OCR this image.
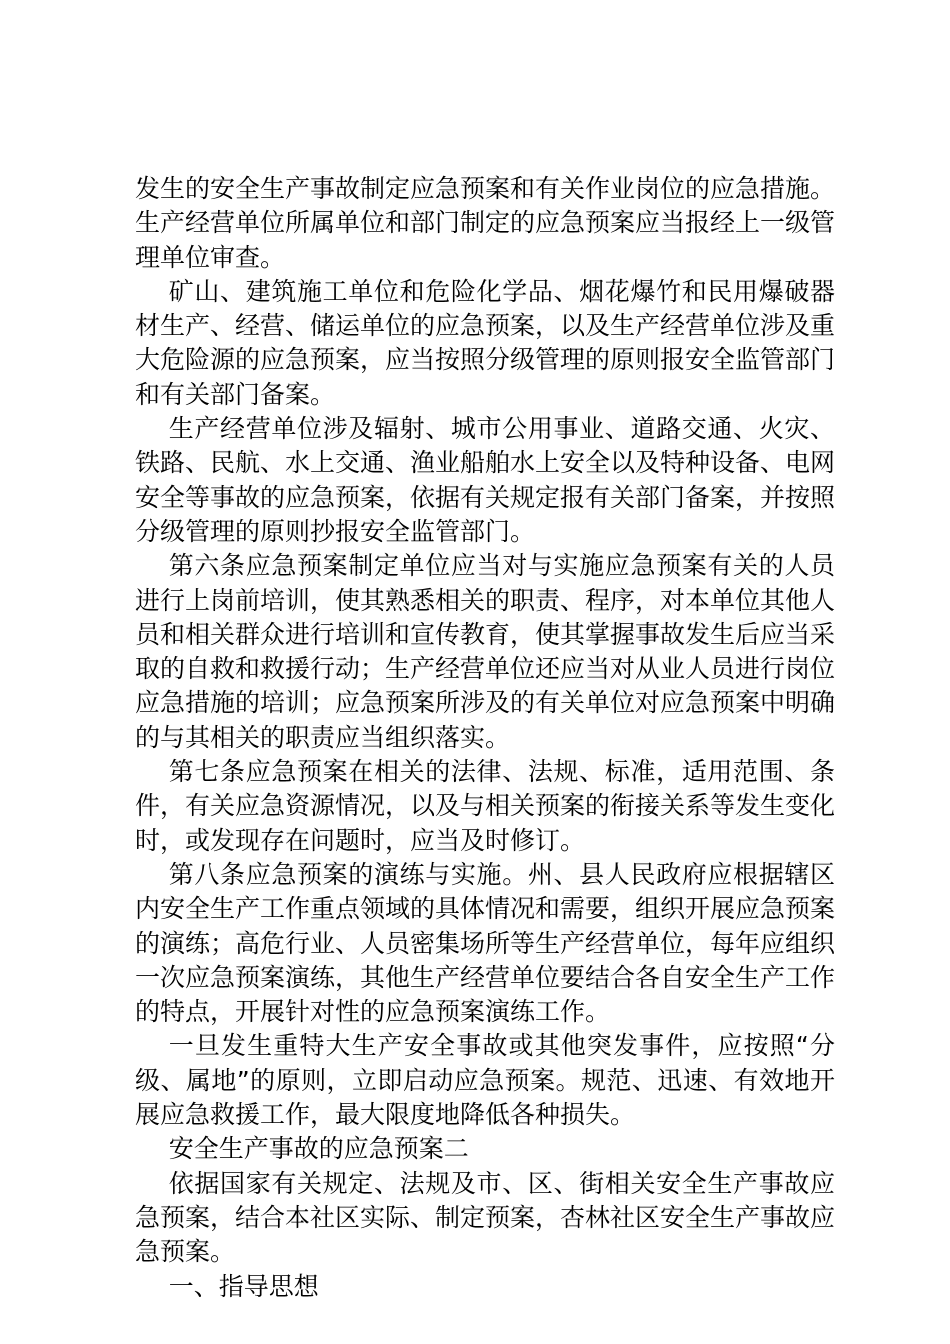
发生的安全生产事故制定应急预案和有关作业岗位的应急措施。生产经营单位所属单位和部门制定的应急预案应当报经上一级管理单位审查。

矿山、建筑施工单位和危险化学品、烟花爆竹和民用爆破器材生产、经营、储运单位的应急预案，以及生产经营单位涉及重大危险源的应急预案，应当按照分级管理的原则报安全监管部门和有关部门备案。

生产经营单位涉及辐射、城市公用事业、道路交通、火灾、铁路、民航、水上交通、渔业船舶水上安全以及特种设备、电网安全等事故的应急预案，依据有关规定报有关部门备案，并按照分级管理的原则抄报安全监管部门。

第六条应急预案制定单位应当对与实施应急预案有关的人员进行上岗前培训，使其熟悉相关的职责、程序，对本单位其他人员和相关群众进行培训和宣传教育，使其掌握事故发生后应当采取的自救和救援行动；生产经营单位还应当对从业人员进行岗位应急措施的培训；应急预案所涉及的有关单位对应急预案中明确的与其相关的职责应当组织落实。

第七条应急预案在相关的法律、法规、标准，适用范围、条件，有关应急资源情况，以及与相关预案的衔接关系等发生变化时，或发现存在问题时，应当及时修订。

第八条应急预案的演练与实施。州、县人民政府应根据辖区内安全生产工作重点领域的具体情况和需要，组织开展应急预案的演练；高危行业、人员密集场所等生产经营单位，每年应组织一次应急预案演练，其他生产经营单位要结合各自安全生产工作的特点，开展针对性的应急预案演练工作。

一旦发生重特大生产安全事故或其他突发事件，应按照“分级、属地”的原则，立即启动应急预案。规范、迅速、有效地开展应急救援工作，最大限度地降低各种损失。

安全生产事故的应急预案二

依据国家有关规定、法规及市、区、街相关安全生产事故应急预案，结合本社区实际、制定预案，杏林社区安全生产事故应急预案。

一、指导思想
